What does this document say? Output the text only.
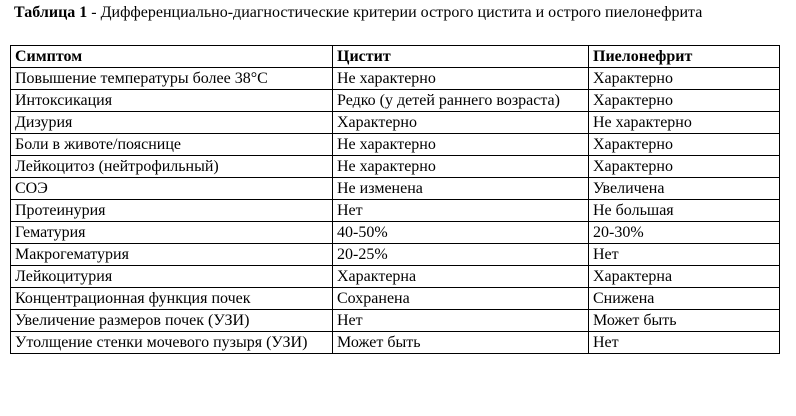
Таблица 1 - Дифференциально-диагностические критерии острого цистита и острого пиелонефрита
Симптом	Цистит	Пиелонефрит
Повышение температуры более 38°С	Не характерно	Характерно
Интоксикация	Редко (у детей раннего возраста)	Характерно
Дизурия	Характерно	Не характерно
Боли в животе/пояснице	Не характерно	Характерно
Лейкоцитоз (нейтрофильный)	Не характерно	Характерно
СОЭ	Не изменена	Увеличена
Протеинурия	Нет	Не большая
Гематурия	40-50%	20-30%
Макрогематурия	20-25%	Нет
Лейкоцитурия	Характерна	Характерна
Концентрационная функция почек	Сохранена	Снижена
Увеличение размеров почек (УЗИ)	Нет	Может быть
Утолщение стенки мочевого пузыря (УЗИ)	Может быть	Нет
